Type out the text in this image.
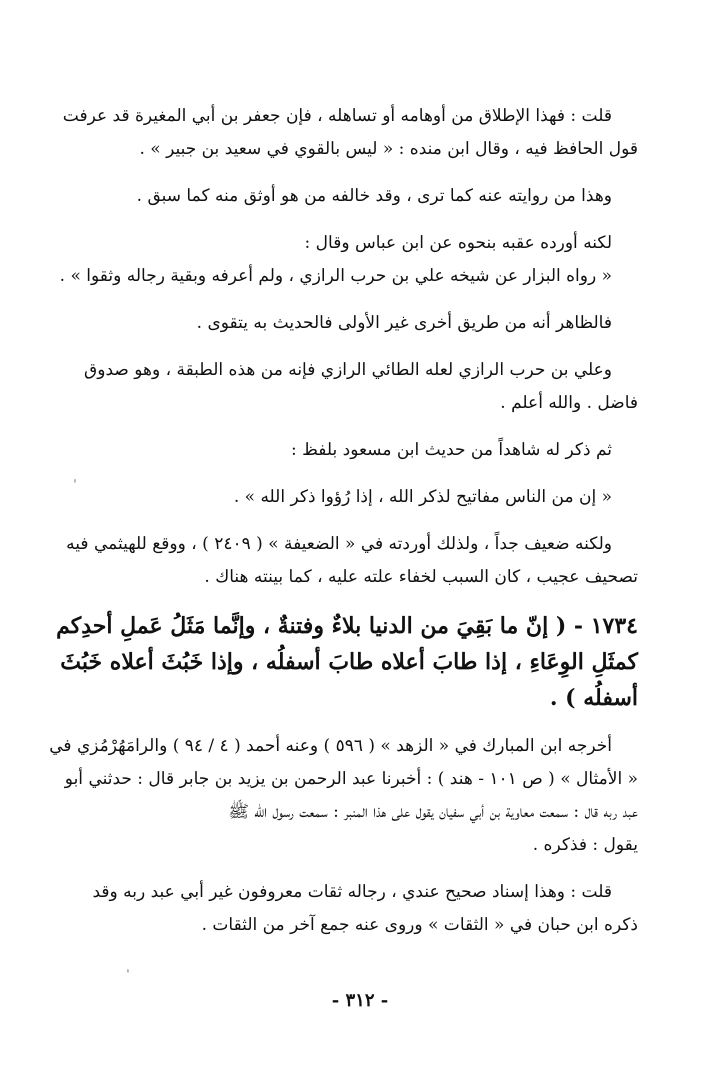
قلت : فهذا الإطلاق من أوهامه أو تساهله ، فإن جعفر بن أبي المغيرة قد عرفت
قول الحافظ فيه ، وقال ابن منده : « ليس بالقوي في سعيد بن جبير » .

وهذا من روايته عنه كما ترى ، وقد خالفه من هو أوثق منه كما سبق .

لكنه أورده عقبه بنحوه عن ابن عباس وقال :
« رواه البزار عن شيخه علي بن حرب الرازي ، ولم أعرفه وبقية رجاله وثقوا » .

فالظاهر أنه من طريق أخرى غير الأولى فالحديث به يتقوى .

وعلي بن حرب الرازي لعله الطائي الرازي فإنه من هذه الطبقة ، وهو صدوق
فاضل . والله أعلم .

ثم ذكر له شاهداً من حديث ابن مسعود بلفظ :

« إن من الناس مفاتيح لذكر الله ، إذا رُؤوا ذكر الله » .

ولكنه ضعيف جداً ، ولذلك أوردته في « الضعيفة » ( ٢٤٠٩ ) ، ووقع للهيثمي فيه
تصحيف عجيب ، كان السبب لخفاء علته عليه ، كما بينته هناك .

١٧٣٤ - ( إنّ ما بَقِيَ من الدنيا بلاءٌ وفتنةٌ ، وإنَّما مَثَلُ عَملِ أحدِكم
كمثَلِ الوِعَاءِ ، إذا طابَ أعلاه طابَ أسفلُه ، وإذا خَبُثَ أعلاه خَبُثَ
أسفلُه ) .

أخرجه ابن المبارك في « الزهد » ( ٥٩٦ ) وعنه أحمد ( ٤ / ٩٤ ) والرامَهُرْمُزي في
« الأمثال » ( ص ١٠١ - هند ) : أخبرنا عبد الرحمن بن يزيد بن جابر قال : حدثني أبو
عبد ربه قال : سمعت معاوية بن أبي سفيان يقول على هذا المنبر : سمعت رسول الله ﷺ
يقول : فذكره .

قلت : وهذا إسناد صحيح عندي ، رجاله ثقات معروفون غير أبي عبد ربه وقد
ذكره ابن حبان في « الثقات » وروى عنه جمع آخر من الثقات .

ˈ
ˈ
- ٣١٢ -
